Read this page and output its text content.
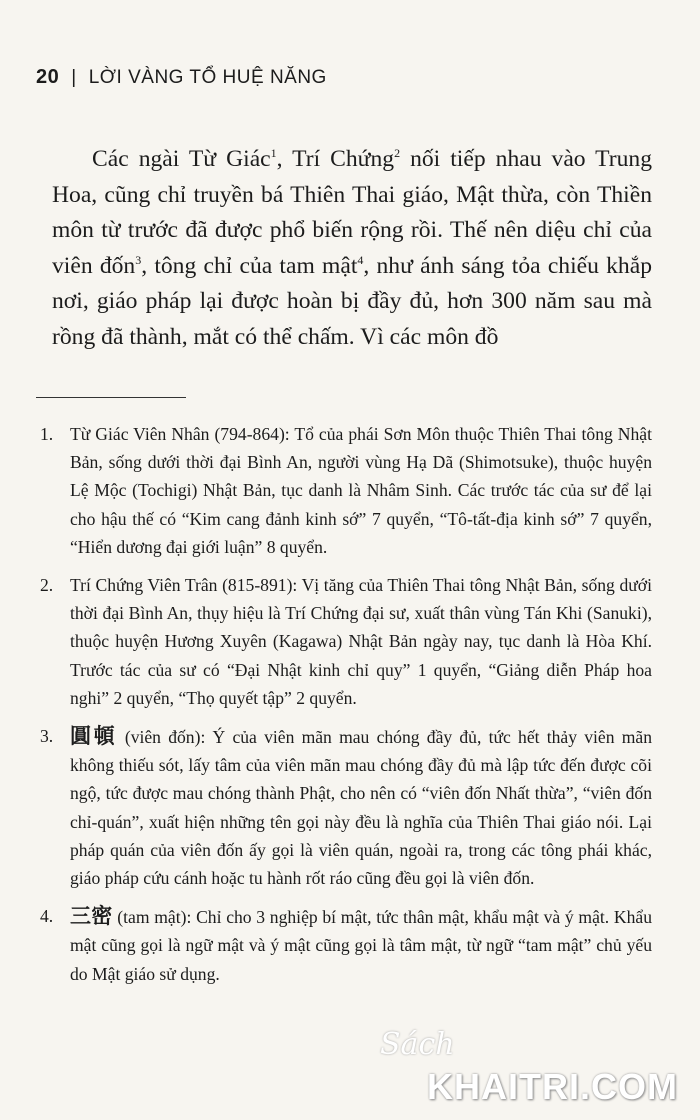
20 | LỜI VÀNG TỔ HUỆ NĂNG

Các ngài Từ Giác$^1$, Trí Chứng$^2$ nối tiếp nhau vào Trung Hoa, cũng chỉ truyền bá Thiên Thai giáo, Mật thừa, còn Thiền môn từ trước đã được phổ biến rộng rồi. Thế nên diệu chỉ của viên đốn$^3$, tông chỉ của tam mật$^4$, như ánh sáng tỏa chiếu khắp nơi, giáo pháp lại được hoàn bị đầy đủ, hơn 300 năm sau mà rồng đã thành, mắt có thể chấm. Vì các môn đồ

1. Từ Giác Viên Nhân (794-864): Tổ của phái Sơn Môn thuộc Thiên Thai tông Nhật Bản, sống dưới thời đại Bình An, người vùng Hạ Dã (Shimotsuke), thuộc huyện Lệ Mộc (Tochigi) Nhật Bản, tục danh là Nhâm Sinh. Các trước tác của sư để lại cho hậu thế có “Kim cang đảnh kinh sớ” 7 quyển, “Tô-tất-địa kinh sớ” 7 quyển, “Hiển dương đại giới luận” 8 quyển.
2. Trí Chứng Viên Trân (815-891): Vị tăng của Thiên Thai tông Nhật Bản, sống dưới thời đại Bình An, thụy hiệu là Trí Chứng đại sư, xuất thân vùng Tán Khi (Sanuki), thuộc huyện Hương Xuyên (Kagawa) Nhật Bản ngày nay, tục danh là Hòa Khí. Trước tác của sư có “Đại Nhật kinh chỉ quy” 1 quyển, “Giảng diễn Pháp hoa nghi” 2 quyển, “Thọ quyết tập” 2 quyển.
3. 圓頓 (viên đốn): Ý của viên mãn mau chóng đầy đủ, tức hết thảy viên mãn không thiếu sót, lấy tâm của viên mãn mau chóng đầy đủ mà lập tức đến được cõi ngộ, tức được mau chóng thành Phật, cho nên có “viên đốn Nhất thừa”, “viên đốn chỉ-quán”, xuất hiện những tên gọi này đều là nghĩa của Thiên Thai giáo nói. Lại pháp quán của viên đốn ấy gọi là viên quán, ngoài ra, trong các tông phái khác, giáo pháp cứu cánh hoặc tu hành rốt ráo cũng đều gọi là viên đốn.
4. 三密 (tam mật): Chỉ cho 3 nghiệp bí mật, tức thân mật, khẩu mật và ý mật. Khẩu mật cũng gọi là ngữ mật và ý mật cũng gọi là tâm mật, từ ngữ “tam mật” chủ yếu do Mật giáo sử dụng.
Sách
KHAITRI.COM
